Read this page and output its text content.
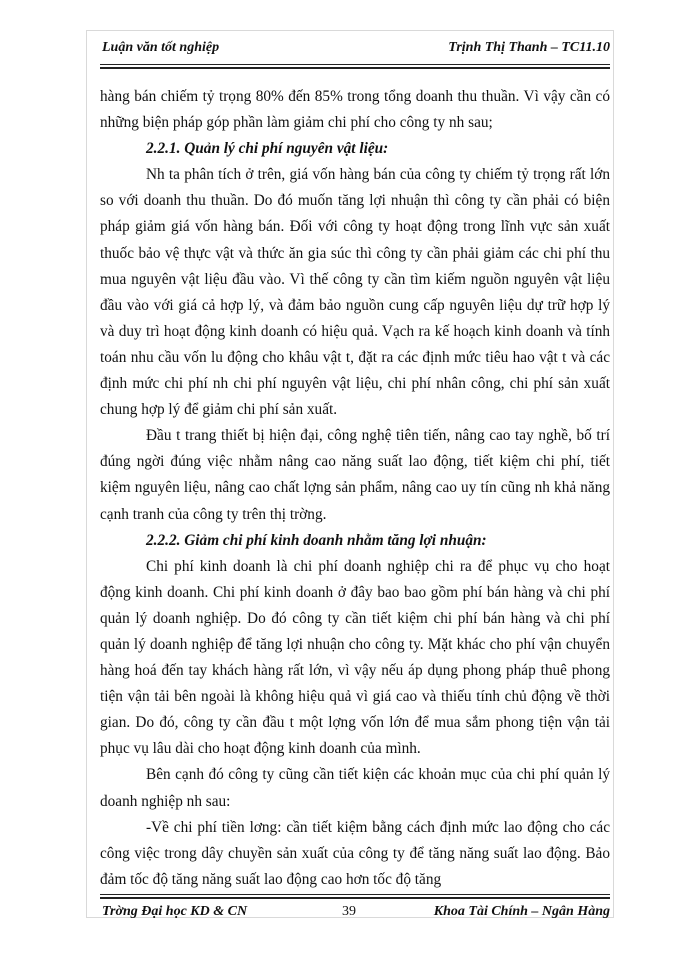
Luận văn tốt nghiệp	Trịnh Thị Thanh – TC11.10

hàng bán chiếm tỷ trọng 80% đến 85% trong tổng doanh thu thuần. Vì vậy cần có những biện pháp góp phần làm giảm chi phí cho công ty nh sau;

2.2.1. Quản lý chi phí nguyên vật liệu:

Nh ta phân tích ở trên, giá vốn hàng bán của công ty chiếm tỷ trọng rất lớn so với doanh thu thuần. Do đó muốn tăng lợi nhuận thì công ty cần phải có biện pháp giảm giá vốn hàng bán. Đối với công ty hoạt động trong lĩnh vực sản xuất thuốc bảo vệ thực vật và thức ăn gia súc thì công ty cần phải giảm các chi phí thu mua nguyên vật liệu đầu vào. Vì thế công ty cần tìm kiếm nguồn nguyên vật liệu đầu vào với giá cả hợp lý, và đảm bảo nguồn cung cấp nguyên liệu dự trữ hợp lý và duy trì hoạt động kinh doanh có hiệu quả. Vạch ra kế hoạch kinh doanh và tính toán nhu cầu vốn lu động cho khâu vật t, đặt ra các định mức tiêu hao vật t và các định mức chi phí nh chi phí nguyên vật liệu, chi phí nhân công, chi phí sản xuất chung hợp lý để giảm chi phí sản xuất.

Đầu t trang thiết bị hiện đại, công nghệ tiên tiến, nâng cao tay nghề, bố trí đúng ngời đúng việc nhằm nâng cao năng suất lao động, tiết kiệm chi phí, tiết kiệm nguyên liệu, nâng cao chất lợng sản phẩm, nâng cao uy tín cũng nh khả năng cạnh tranh của công ty trên thị trờng.

2.2.2. Giảm chi phí kinh doanh nhằm tăng lợi nhuận:

Chi phí kinh doanh là chi phí doanh nghiệp chi ra để phục vụ cho hoạt động kinh doanh. Chi phí kinh doanh ở đây bao bao gồm phí bán hàng và chi phí quản lý doanh nghiệp. Do đó công ty cần tiết kiệm chi phí bán hàng và chi phí quản lý doanh nghiệp để tăng lợi nhuận cho công ty. Mặt khác cho phí vận chuyển hàng hoá đến tay khách hàng rất lớn, vì vậy nếu áp dụng phong pháp thuê phong tiện vận tải bên ngoài là không hiệu quả vì giá cao và thiếu tính chủ động về thời gian. Do đó, công ty cần đầu t một lợng vốn lớn để mua sắm phong tiện vận tải phục vụ lâu dài cho hoạt động kinh doanh của mình.

Bên cạnh đó công ty cũng cần tiết kiện các khoản mục của chi phí quản lý doanh nghiệp nh sau:

-Về chi phí tiền lơng: cần tiết kiệm bằng cách định mức lao động cho các công việc trong dây chuyền sản xuất của công ty để tăng năng suất lao động. Bảo đảm tốc độ tăng năng suất lao động cao hơn tốc độ tăng

Trờng Đại học KD & CN	39	Khoa Tài Chính – Ngân Hàng
